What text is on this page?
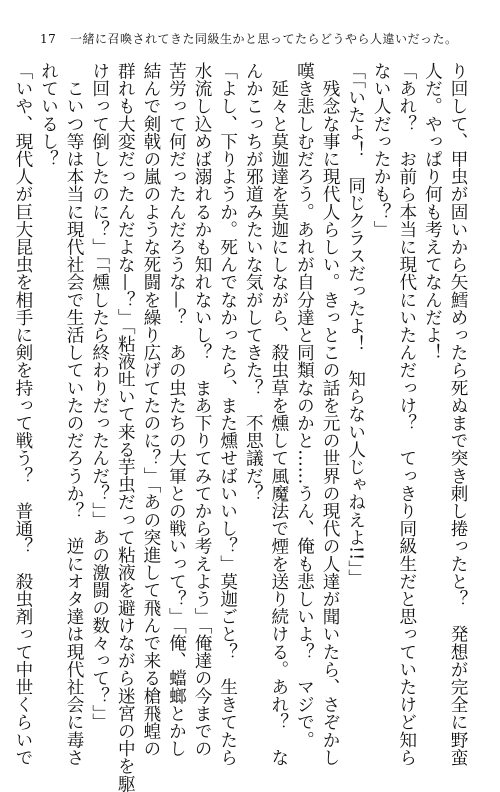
17 一緒に召喚されてきた同級生かと思ってたらどうやら人違いだった。
り回して、甲虫が固いから矢鱈めったら死ぬまで突き刺し捲ったと？　発想が完全に野蛮
人だ。やっぱり何も考えてなんだよ！
「あれ？　お前ら本当に現代にいたんだっけ？　てっきり同級生だと思っていたけど知ら
ない人だったかも？」
「「いたよ！　同じクラスだったよ！　知らない人じゃねえよ!!」」
　残念な事に現代人らしい。きっとこの話を元の世界の現代の人達が聞いたら、さぞかし
嘆き悲しむだろう。あれが自分達と同類なのかと……うん、俺も悲しいよ？　マジで。
　延々と莫迦達を莫迦にしながら、殺虫草を燻して風魔法で煙を送り続ける。あれ？　な
んかこっちが邪道みたいな気がしてきた？　不思議だ？
「よし、下りようか。死んでなかったら、また燻せばいいし？」莫迦ごと？　生きてたら
水流し込めば溺れるかも知れないし？　まあ下りてみてから考えよう」「俺達の今までの
苦労って何だったんだろうな—？　あの虫たちの大軍との戦いって？」「俺、蟷螂とかし
結んで剣戟の嵐のような死闘を繰り広げてたのに？」「あの突進して飛んで来る槍飛蝗の
群れも大変だったんだよな—？」「粘液吐いて来る芋虫だって粘液を避けながら迷宮の中を駆
け回って倒したのに？」「「燻したら終わりだったんだ？」」あの激闘の数々って？」」
　こいつ等は本当に現代社会で生活していたのだろうか？　逆にオタ達は現代社会に毒さ
れているし？
「いや、現代人が巨大昆虫を相手に剣を持って戦う？　普通？　殺虫剤って中世くらいで
